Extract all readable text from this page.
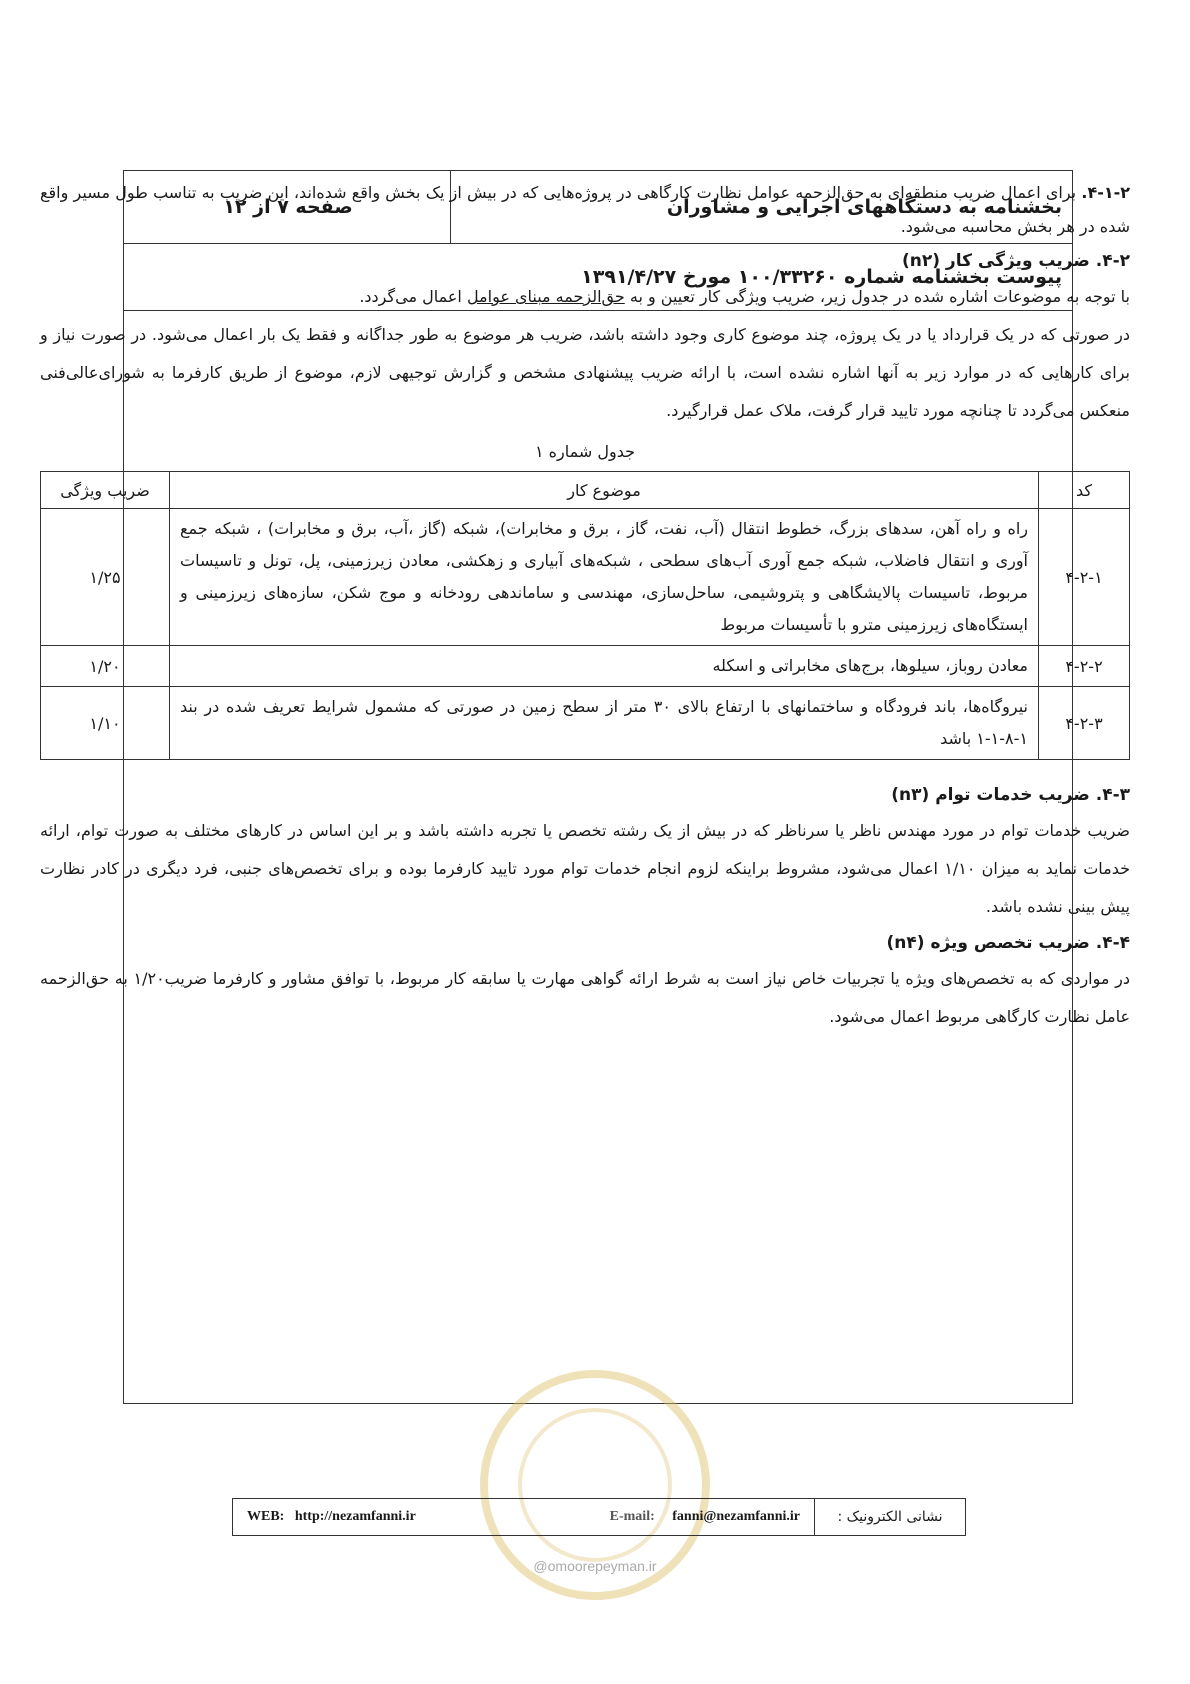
بخشنامه به دستگاههای اجرایی و مشاوران
صفحه ۷ از ۱۲
پیوست بخشنامه شماره ۱۰۰/۳۳۲۶۰ مورخ ۱۳۹۱/۴/۲۷

۴-۱-۲. برای اعمال ضریب منطقه‌ای به حق‌الزحمه عوامل نظارت کارگاهی در پروژه‌هایی که در بیش از یک بخش واقع شده‌اند، این ضریب به تناسب طول مسیر واقع شده در هر بخش محاسبه می‌شود.

۴-۲. ضریب ویژگی کار (n۲)

با توجه به موضوعات اشاره شده در جدول زیر، ضریب ویژگی کار تعیین و به حق‌الزحمه مبنای عوامل اعمال می‌گردد.

در صورتی که در یک قرارداد یا در یک پروژه، چند موضوع کاری وجود داشته باشد، ضریب هر موضوع به طور جداگانه و فقط یک بار اعمال می‌شود. در صورت نیاز و برای کارهایی که در موارد زیر به آنها اشاره نشده است، با ارائه ضریب پیشنهادی مشخص و گزارش توجیهی لازم، موضوع از طریق کارفرما به شورای‌عالی‌فنی منعکس می‌گردد تا چنانچه مورد تایید قرار گرفت، ملاک عمل قرارگیرد.

جدول شماره ۱
کد	موضوع کار	ضریب ویژگی
۴-۲-۱	راه و راه آهن، سدهای بزرگ، خطوط انتقال (آب، نفت، گاز ، برق و مخابرات)، شبکه (گاز ،آب، برق و مخابرات) ، شبکه جمع آوری و انتقال فاضلاب، شبکه جمع آوری آب‌های سطحی ، شبکه‌های آبیاری و زهکشی، معادن زیرزمینی، پل، تونل و تاسیسات مربوط، تاسیسات پالایشگاهی و پتروشیمی، ساحل‌سازی، مهندسی و ساماندهی رودخانه و موج شکن، سازه‌های زیرزمینی و ایستگاه‌های زیرزمینی مترو با تأسیسات مربوط	۱/۲۵
۴-۲-۲	معادن روباز، سیلوها، برج‌های مخابراتی و اسکله	۱/۲۰
۴-۲-۳	نیروگاه‌ها، باند فرودگاه و ساختمانهای با ارتفاع بالای ۳۰ متر از سطح زمین در صورتی که مشمول شرایط تعریف شده در بند ۱-۸-۱-۱ باشد	۱/۱۰
۴-۳. ضریب خدمات توام (n۳)

ضریب خدمات توام در مورد مهندس ناظر یا سرناظر که در بیش از یک رشته تخصص یا تجربه داشته باشد و بر این اساس در کارهای مختلف به صورت توام، ارائه خدمات نماید به میزان ۱/۱۰ اعمال می‌شود، مشروط براینکه لزوم انجام خدمات توام مورد تایید کارفرما بوده و برای تخصص‌های جنبی، فرد دیگری در کادر نظارت پیش بینی نشده باشد.

۴-۴. ضریب تخصص ویژه (n۴)

در مواردی که به تخصص‌های ویژه یا تجربیات خاص نیاز است به شرط ارائه گواهی مهارت یا سابقه کار مربوط، با توافق مشاور و کارفرما ضریب۱/۲۰ به حق‌الزحمه عامل نظارت کارگاهی مربوط اعمال می‌شود.

نشانی الکترونیک :
WEB: http://nezamfanni.ir	E-mail: fanni@nezamfanni.ir
@omoorepeyman.ir
